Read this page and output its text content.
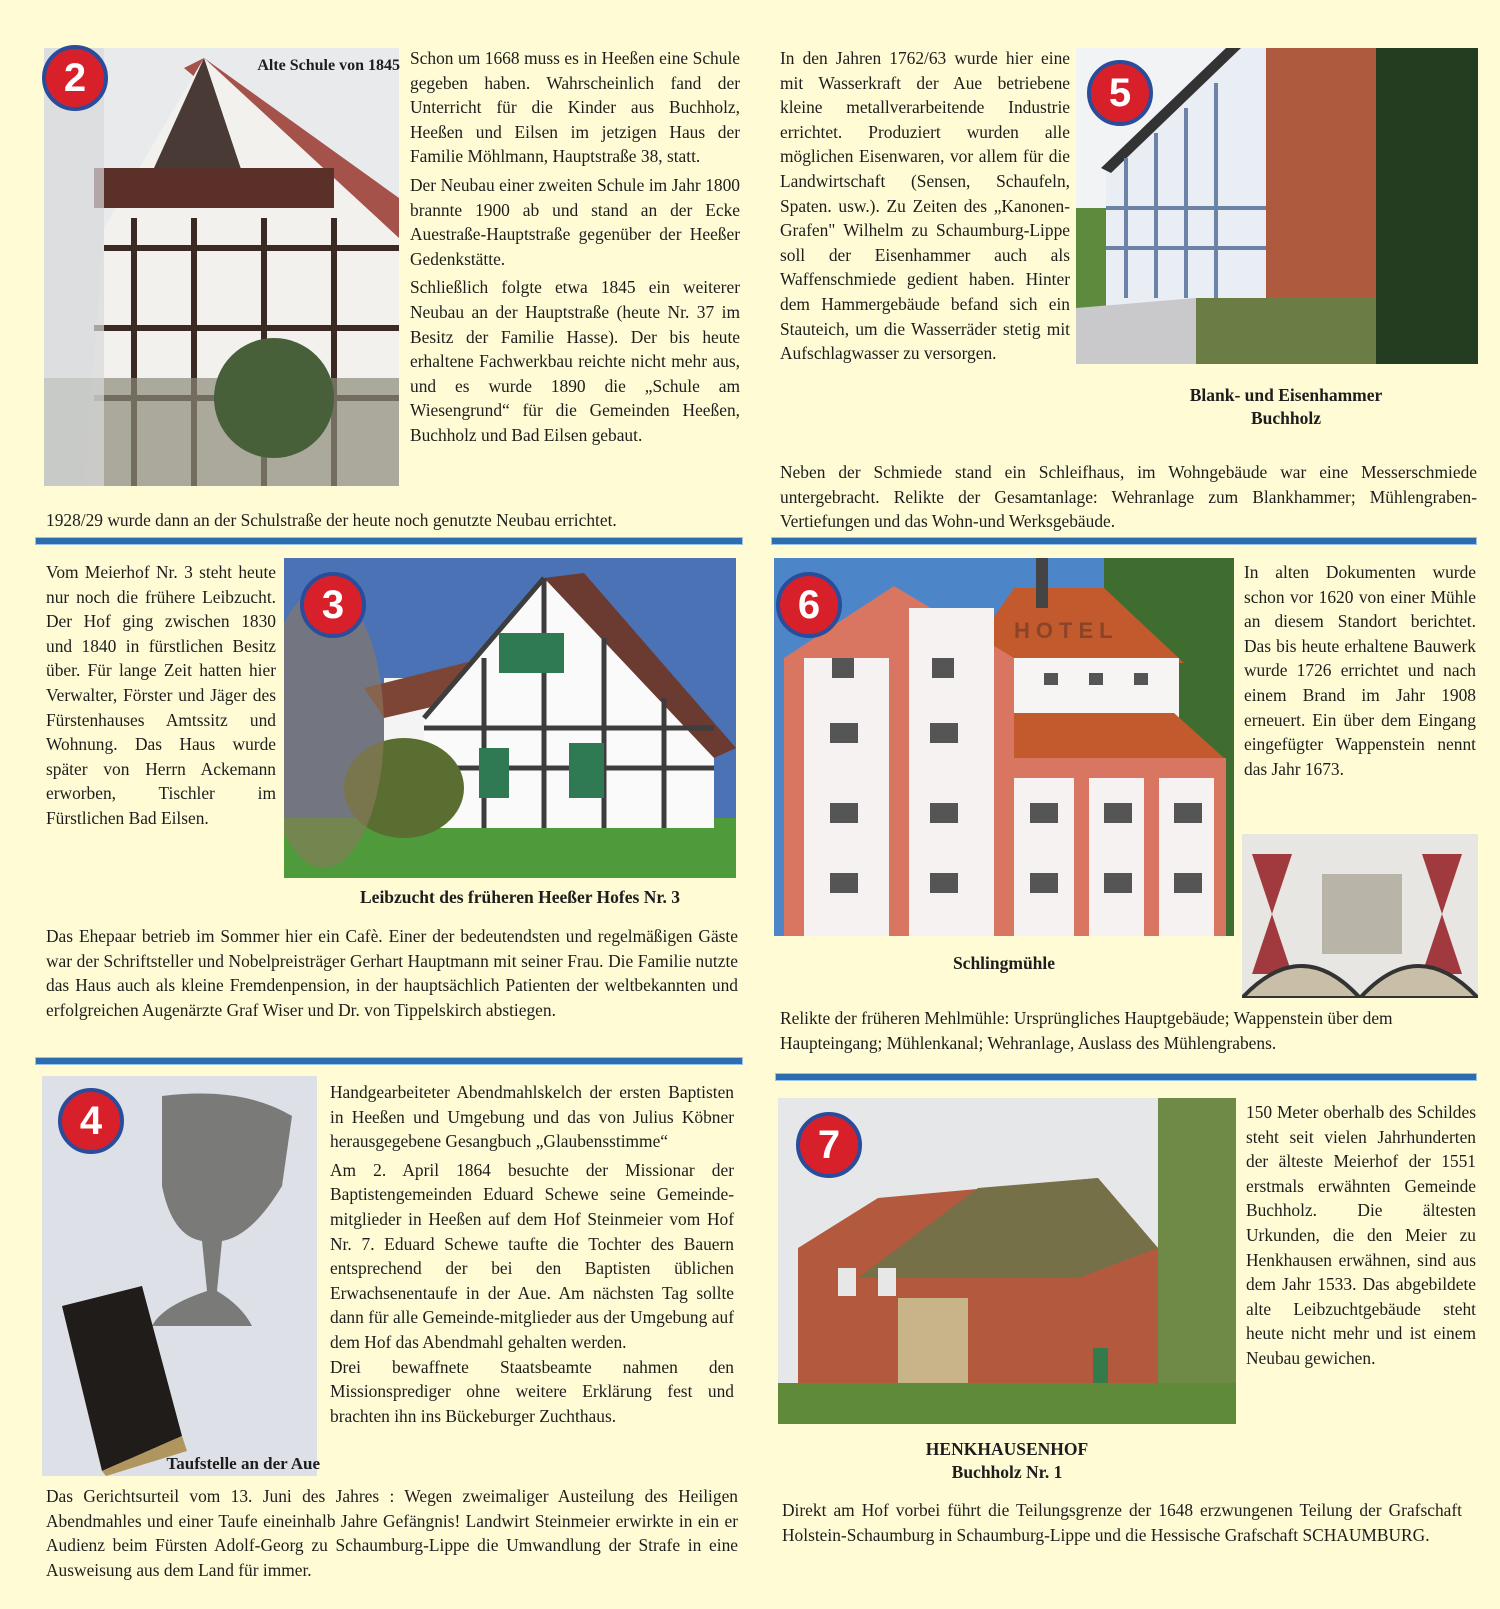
2	Alte Schule von 1845 Schon um 1668 muss es in Heeßen eine Schule gegeben haben. Wahrscheinlich fand der Unterricht für die Kinder aus Buchholz, Heeßen und Eilsen im jetzigen Haus der Familie Möhlmann, Hauptstraße 38, statt.

Der Neubau einer zweiten Schule im Jahr 1800 brannte 1900 ab und stand an der Ecke Auestraße-Hauptstraße gegenüber der Heeßer Gedenkstätte.

Schließlich folgte etwa 1845 ein weiterer Neubau an der Hauptstraße (heute Nr. 37 im Besitz der Familie Hasse). Der bis heute erhaltene Fachwerkbau reichte nicht mehr aus, und es wurde 1890 die „Schule am Wiesengrund“ für die Gemeinden Heeßen, Buchholz und Bad Eilsen gebaut.

1928/29 wurde dann an der Schulstraße der heute noch genutzte Neubau errichtet.
Vom Meierhof Nr. 3 steht heute nur noch die frühere Leibzucht. Der Hof ging zwischen 1830 und 1840 in fürstlichen Besitz über. Für lange Zeit hatten hier Verwalter, Förster und Jäger des Fürstenhauses Amtssitz und Wohnung. Das Haus wurde später von Herrn Ackemann erworben, Tischler im Fürstlichen Bad Eilsen.
3
Leibzucht des früheren Heeßer Hofes Nr. 3
Das Ehepaar betrieb im Sommer hier ein Cafè. Einer der bedeutendsten und regelmäßigen Gäste war der Schriftsteller und Nobelpreisträger Gerhart Hauptmann mit seiner Frau. Die Familie nutzte das Haus auch als kleine Fremdenpension, in der hauptsächlich Patienten der weltbekannten und erfolgreichen Augenärzte Graf Wiser und Dr. von Tippelskirch abstiegen.
4
Taufstelle an der Aue

Handgearbeiteter Abendmahlskelch der ersten Baptisten in Heeßen und Umgebung und das von Julius Köbner herausgegebene Gesangbuch „Glaubensstimme“

Am 2. April 1864 besuchte der Missionar der Baptistengemeinden Eduard Schewe seine Gemeinde-mitglieder in Heeßen auf dem Hof Steinmeier vom Hof Nr. 7. Eduard Schewe taufte die Tochter des Bauern entsprechend der bei den Baptisten üblichen Erwachsenentaufe in der Aue. Am nächsten Tag sollte dann für alle Gemeinde-mitglieder aus der Umgebung auf dem Hof das Abendmahl gehalten werden.

Drei bewaffnete Staatsbeamte nahmen den Missionsprediger ohne weitere Erklärung fest und brachten ihn ins Bückeburger Zuchthaus.

Das Gerichtsurteil vom 13. Juni des Jahres : Wegen zweimaliger Austeilung des Heiligen Abendmahles und einer Taufe eineinhalb Jahre Gefängnis! Landwirt Steinmeier erwirkte in ein er Audienz beim Fürsten Adolf-Georg zu Schaumburg-Lippe die Umwandlung der Strafe in eine Ausweisung aus dem Land für immer.
In den Jahren 1762/63 wurde hier eine mit Wasserkraft der Aue betriebene kleine metallverarbeitende Industrie errichtet. Produziert wurden alle möglichen Eisenwaren, vor allem für die Landwirtschaft (Sensen, Schaufeln, Spaten. usw.). Zu Zeiten des „Kanonen-Grafen" Wilhelm zu Schaumburg-Lippe soll der Eisenhammer auch als Waffenschmiede gedient haben. Hinter dem Hammergebäude befand sich ein Stauteich, um die Wasserräder stetig mit Aufschlagwasser zu versorgen.
5
Blank- und Eisenhammer
Buchholz
Neben der Schmiede stand ein Schleifhaus, im Wohngebäude war eine Messerschmiede untergebracht. Relikte der Gesamtanlage: Wehranlage zum Blankhammer; Mühlengraben-Vertiefungen und das Wohn-und Werksgebäude.
HOTEL
6
In alten Dokumenten wurde schon vor 1620 von einer Mühle an diesem Standort berichtet. Das bis heute erhaltene Bauwerk wurde 1726 errichtet und nach einem Brand im Jahr 1908 erneuert. Ein über dem Eingang eingefügter Wappenstein nennt das Jahr 1673.
Schlingmühle
Relikte der früheren Mehlmühle: Ursprüngliches Hauptgebäude; Wappenstein über dem Haupteingang; Mühlenkanal; Wehranlage, Auslass des Mühlengrabens.
7
150 Meter oberhalb des Schildes steht seit vielen Jahrhunderten der älteste Meierhof der 1551 erstmals erwähnten Gemeinde Buchholz. Die ältesten Urkunden, die den Meier zu Henkhausen erwähnen, sind aus dem Jahr 1533. Das abgebildete alte Leibzuchtgebäude steht heute nicht mehr und ist einem Neubau gewichen.
HENKHAUSENHOF
Buchholz Nr. 1
Direkt am Hof vorbei führt die Teilungsgrenze der 1648 erzwungenen Teilung der Grafschaft Holstein-Schaumburg in Schaumburg-Lippe und die Hessische Grafschaft SCHAUMBURG.
